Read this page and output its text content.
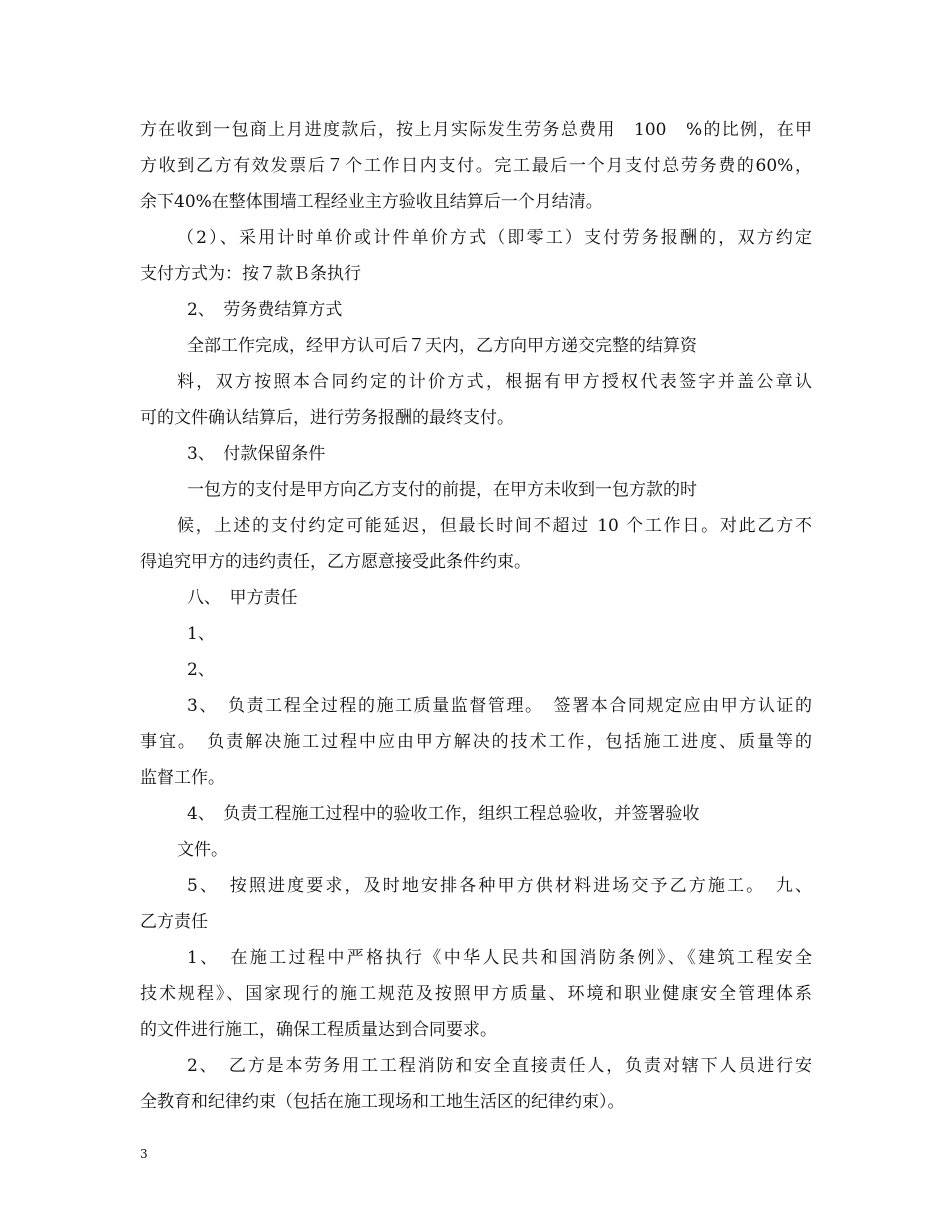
方在收到一包商上月进度款后，按上月实际发生劳务总费用　100　%的比例，在甲
方收到乙方有效发票后７个工作日内支付。完工最后一个月支付总劳务费的60%，
余下40%在整体围墙工程经业主方验收且结算后一个月结清。
（2）、采用计时单价或计件单价方式（即零工）支付劳务报酬的，双方约定
支付方式为：按７款Ｂ条执行
2、　劳务费结算方式
全部工作完成，经甲方认可后７天内，乙方向甲方递交完整的结算资
料，双方按照本合同约定的计价方式，根据有甲方授权代表签字并盖公章认
可的文件确认结算后，进行劳务报酬的最终支付。
3、　付款保留条件
一包方的支付是甲方向乙方支付的前提，在甲方未收到一包方款的时
候，上述的支付约定可能延迟，但最长时间不超过 10 个工作日。对此乙方不
得追究甲方的违约责任，乙方愿意接受此条件约束。
八、　甲方责任
1、
2、
3、　负责工程全过程的施工质量监督管理。　签署本合同规定应由甲方认证的
事宜。　负责解决施工过程中应由甲方解决的技术工作，包括施工进度、质量等的
监督工作。
4、　负责工程施工过程中的验收工作，组织工程总验收，并签署验收
文件。
5、　按照进度要求，及时地安排各种甲方供材料进场交予乙方施工。　九、
乙方责任
1、　在施工过程中严格执行《中华人民共和国消防条例》、《建筑工程安全
技术规程》、国家现行的施工规范及按照甲方质量、环境和职业健康安全管理体系
的文件进行施工，确保工程质量达到合同要求。
2、　乙方是本劳务用工工程消防和安全直接责任人，负责对辖下人员进行安
全教育和纪律约束（包括在施工现场和工地生活区的纪律约束）。
3
